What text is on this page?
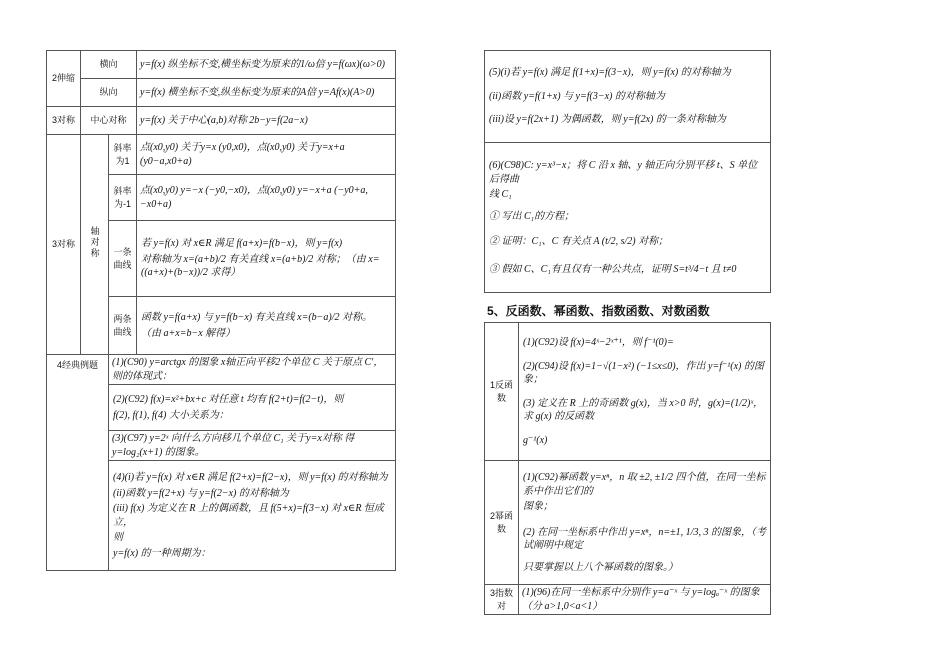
2伸缩	横向		y=f(x) 纵坐标不变,横坐标变为原来的1/ω倍 y=f(ωx)(ω>0)
	纵向		y=f(x) 横坐标不变,纵坐标变为原来的A倍 y=Af(x)(A>0)
3对称	中心对称		y=f(x) 关于中心(a,b)对称 2b−y=f(2a−x)
3对称	轴对称	斜率为1	点(x0,y0) 关于y=x (y0,x0)，点(x0,y0) 关于y=x+a (y0−a,x0+a)
		斜率为-1	点(x0,y0) y=−x (−y0,−x0)，点(x0,y0) y=−x+a (−y0+a,−x0+a)
		一条曲线	若 y=f(x) 对 x∈R 满足 f(a+x)=f(b−x)，则 y=f(x)
对称轴为 x=(a+b)/2 有关直线 x=(a+b)/2 对称；（由 x=((a+x)+(b−x))/2 求得）

		两条曲线	函数 y=f(a+x) 与 y=f(b−x) 有关直线 x=(b−a)/2 对称。
（由 a+x=b−x 解得）

4经典例题		(1)(C90) y=arctgx 的图象 x轴正向平移2个单位 C 关于原点 C′，则的体现式：	

		(2)(C92) f(x)=x²+bx+c 对任意 t 均有 f(2+t)=f(2−t)，则
f(2), f(1), f(4) 大小关系为：	

		(3)(C97) y=2ˣ 向什么方向移几个单位 C₁ 关于y=x对称 得 y=log₂(x+1) 的图象。	

		(4)(i)若 y=f(x) 对 x∈R 满足 f(2+x)=f(2−x)，则 y=f(x) 的对称轴为
(ii)函数 y=f(2+x) 与 y=f(2−x) 的对称轴为
(iii) f(x) 为定义在 R 上的偶函数，且 f(5+x)=f(3−x) 对 x∈R 恒成立，
则
y=f(x) 的一种周期为：	
(5)(i)若 y=f(x) 满足 f(1+x)=f(3−x)，则 y=f(x) 的对称轴为
(ii)函数 y=f(1+x) 与 y=f(3−x) 的对称轴为
(iii)设 y=f(2x+1) 为偶函数，则 y=f(2x) 的一条对称轴为

(6)(C98)C: y=x³−x；将 C 沿 x 轴、y 轴正向分别平移 t、S 单位后得曲
线 C₁
① 写出 C₁的方程；
② 证明：C₁、C 有关点 A (t/2, s/2) 对称；
③ 假如 C、C₁有且仅有一种公共点，证明 S=t³/4−t 且 t≠0
5、反函数、幂函数、指数函数、对数函数
1反函数	(1)(C92)设 f(x)=4ˣ−2ˣ⁺¹，则 f⁻¹(0)=
(2)(C94)设 f(x)=1−√(1−x²) (−1≤x≤0)，作出 y=f⁻¹(x) 的图象；
(3) 定义在 R 上的奇函数 g(x)，当 x>0 时，g(x)=(1/2)ˣ，求 g(x) 的反函数
g⁻¹(x)

2幂函数	(1)(C92)幂函数 y=xⁿ，n 取 ±2, ±1/2 四个值，在同一坐标系中作出它们的
图象；
(2) 在同一坐标系中作出 y=xⁿ，n=±1, 1/3, 3 的图象，（考试阐明中规定
只要掌握以上八个幂函数的图象。）

3指数对	(1)(96)在同一坐标系中分别作 y=a⁻ˣ 与 y=logₐ⁻ˣ 的图象（分 a>1,0<a<1）
